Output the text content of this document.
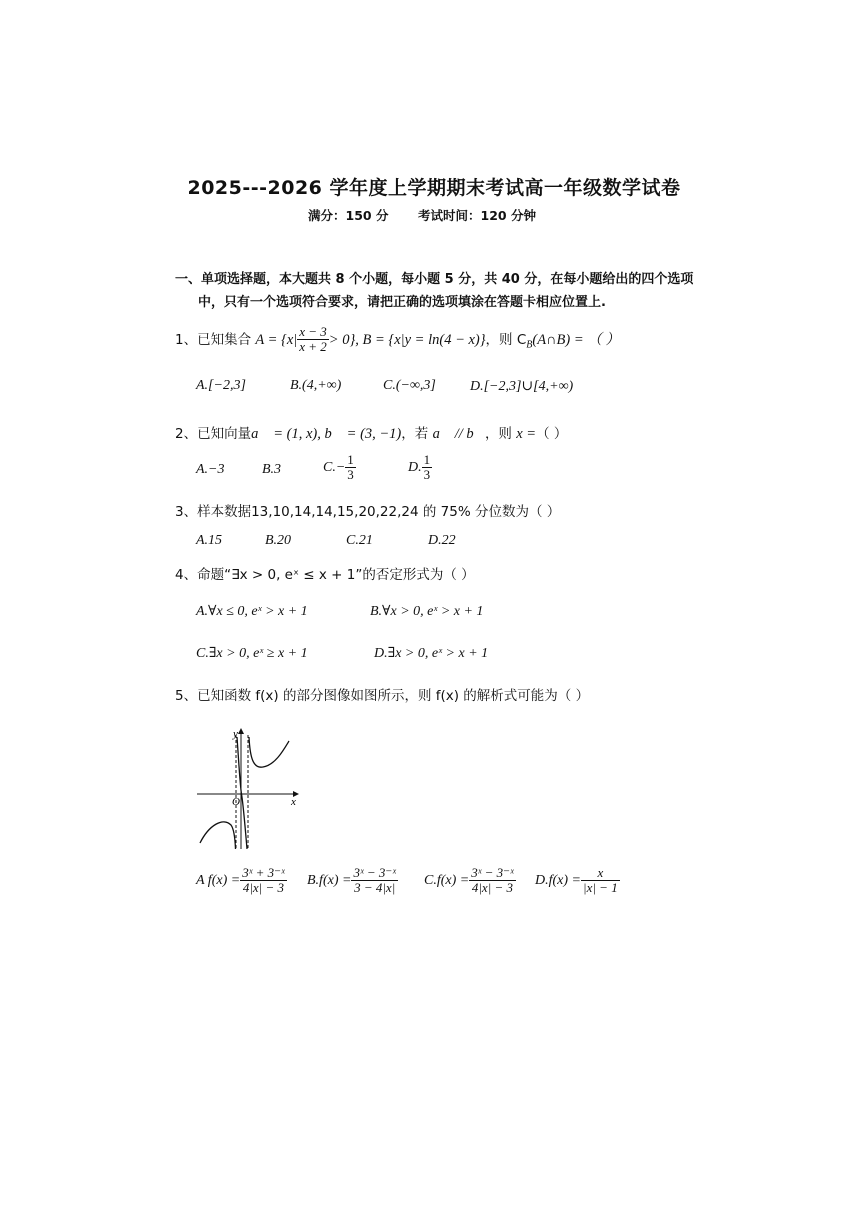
2025---2026 学年度上学期期末考试高一年级数学试卷
满分：150 分 考试时间：120 分钟
一、单项选择题，本大题共 8 个小题，每小题 5 分，共 40 分，在每小题给出的四个选项
中，只有一个选项符合要求，请把正确的选项填涂在答题卡相应位置上.
1、已知集合 $A = \{x| \frac{x - 3}{x + 2} > 0\}$, B = {x|y = ln(4 − x)}，则 $C_B(A\cap B)$ = （ ）
A.[−2,3]	B.(4,+∞)	C.(−∞,3] D.[−2,3]∪[4,+∞)
2、已知向量a⃗ = (1, x), b⃗ = (3, −1)，若 a⃗ // b⃗，则 x =（ ）
A.−3	B.3	$C.- \frac{1}{3}$	D. $\frac{1}{3}$
3、样本数据13,10,14,14,15,20,22,24 的 75% 分位数为（ ）
A.15	B.20	C.21	D.22
4、命题“∃x > 0, eˣ ≤ x + 1”的否定形式为（ ）
A.∀x ≤ 0, eˣ > x + 1	B.∀x > 0, eˣ > x + 1
C.∃x > 0, eˣ ≥ x + 1	D.∃x > 0, eˣ > x + 1
5、已知函数 f(x) 的部分图像如图所示，则 f(x) 的解析式可能为（ ）
y
x
O
A $f(x) = \frac{\text{3ˣ + 3⁻ˣ}}{4|x| - 3} B.f(x) = \frac{\text{3ˣ − 3⁻ˣ}}{3 - 4|x|} C.f(x) = \frac{\text{3ˣ − 3⁻ˣ}}{4|x| - 3} D.f(x) = \frac{x}{|x| - 1}$
